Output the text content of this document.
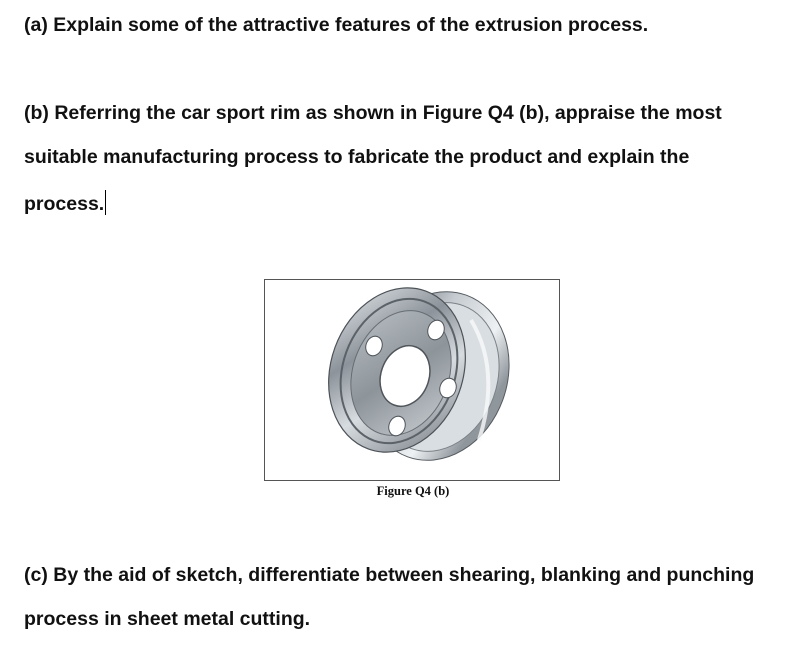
(a) Explain some of the attractive features of the extrusion process.

(b) Referring the car sport rim as shown in Figure Q4 (b), appraise the most

suitable manufacturing process to fabricate the product and explain the

process.

Figure Q4 (b)

(c) By the aid of sketch, differentiate between shearing, blanking and punching

process in sheet metal cutting.
